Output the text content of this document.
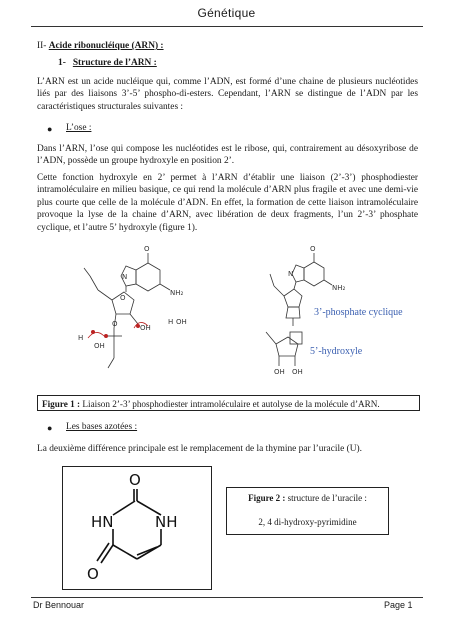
Génétique
II- Acide ribonucléique (ARN) :
1- Structure de l’ARN :
L’ARN est un acide nucléique qui, comme l’ADN, est formé d’une chaine de plusieurs nucléotides liés par des liaisons 3’-5’ phospho-di-esters. Cependant, l’ARN se distingue de l’ADN par les caractéristiques structurales suivantes :
● L’ose :
Dans l’ARN, l’ose qui compose les nucléotides est le ribose, qui, contrairement au désoxyribose de l’ADN, possède un groupe hydroxyle en position 2’.
Cette fonction hydroxyle en 2’ permet à l’ARN d’établir une liaison (2’-3’) phosphodiester intramoléculaire en milieu basique, ce qui rend la molécule d’ARN plus fragile et avec une demi-vie plus courte que celle de la molécule d’ADN. En effet, la formation de cette liaison intramoléculaire provoque la lyse de la chaine d’ARN, avec libération de deux fragments, l’un 2’-3’ phosphate cyclique, et l’autre 5’ hydroxyle (figure 1).
O
NH₂
N
O
OH
H OH
H
OH
O
O
NH₂
N
OH OH
3’-phosphate cyclique
5’-hydroxyle
Figure 1 : Liaison 2’-3’ phosphodiester intramoléculaire et autolyse de la molécule d’ARN.
● Les bases azotées :
La deuxième différence principale est le remplacement de la thymine par l’uracile (U).
O
NH
HN
O
Figure 2 : structure de l’uracile :

2, 4 di-hydroxy-pyrimidine
Dr Bennouar	Page 1
